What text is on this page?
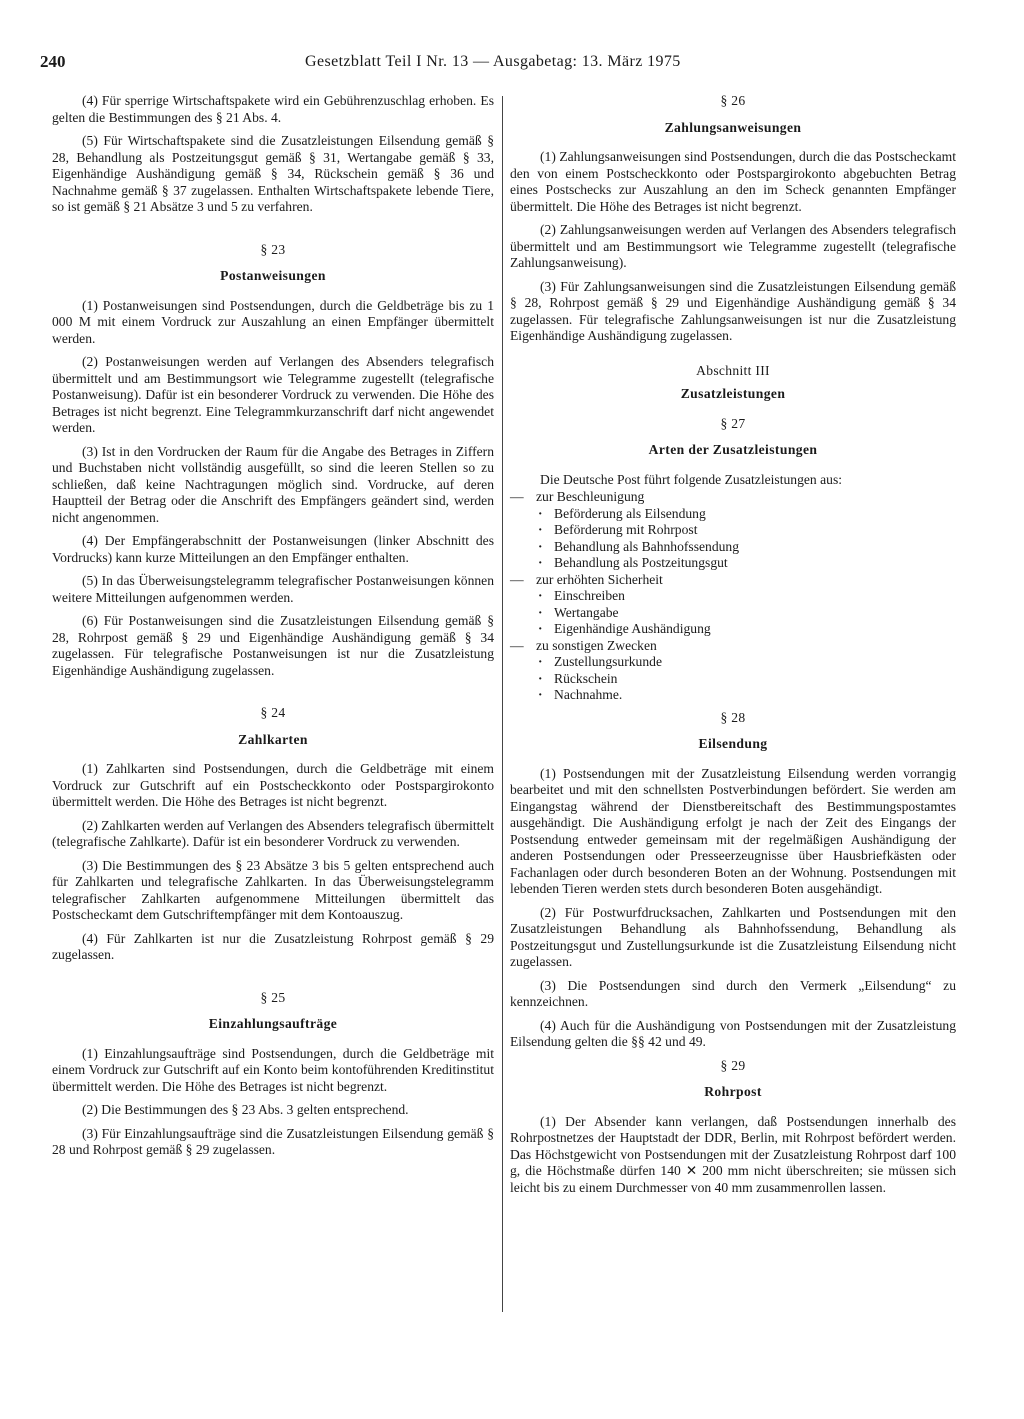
240	Gesetzblatt Teil I Nr. 13 — Ausgabetag: 13. März 1975

(4) Für sperrige Wirtschaftspakete wird ein Gebührenzuschlag erhoben. Es gelten die Bestimmungen des § 21 Abs. 4.

(5) Für Wirtschaftspakete sind die Zusatzleistungen Eilsendung gemäß § 28, Behandlung als Postzeitungsgut gemäß § 31, Wertangabe gemäß § 33, Eigenhändige Aushändigung gemäß § 34, Rückschein gemäß § 36 und Nachnahme gemäß § 37 zugelassen. Enthalten Wirtschaftspakete lebende Tiere, so ist gemäß § 21 Absätze 3 und 5 zu verfahren.

§ 23
Postanweisungen

(1) Postanweisungen sind Postsendungen, durch die Geldbeträge bis zu 1 000 M mit einem Vordruck zur Auszahlung an einen Empfänger übermittelt werden.

(2) Postanweisungen werden auf Verlangen des Absenders telegrafisch übermittelt und am Bestimmungsort wie Telegramme zugestellt (telegrafische Postanweisung). Dafür ist ein besonderer Vordruck zu verwenden. Die Höhe des Betrages ist nicht begrenzt. Eine Telegrammkurzanschrift darf nicht angewendet werden.

(3) Ist in den Vordrucken der Raum für die Angabe des Betrages in Ziffern und Buchstaben nicht vollständig ausgefüllt, so sind die leeren Stellen so zu schließen, daß keine Nachtragungen möglich sind. Vordrucke, auf deren Hauptteil der Betrag oder die Anschrift des Empfängers geändert sind, werden nicht angenommen.

(4) Der Empfängerabschnitt der Postanweisungen (linker Abschnitt des Vordrucks) kann kurze Mitteilungen an den Empfänger enthalten.

(5) In das Überweisungstelegramm telegrafischer Postanweisungen können weitere Mitteilungen aufgenommen werden.

(6) Für Postanweisungen sind die Zusatzleistungen Eilsendung gemäß § 28, Rohrpost gemäß § 29 und Eigenhändige Aushändigung gemäß § 34 zugelassen. Für telegrafische Postanweisungen ist nur die Zusatzleistung Eigenhändige Aushändigung zugelassen.

§ 24
Zahlkarten

(1) Zahlkarten sind Postsendungen, durch die Geldbeträge mit einem Vordruck zur Gutschrift auf ein Postscheckkonto oder Postspargirokonto übermittelt werden. Die Höhe des Betrages ist nicht begrenzt.

(2) Zahlkarten werden auf Verlangen des Absenders telegrafisch übermittelt (telegrafische Zahlkarte). Dafür ist ein besonderer Vordruck zu verwenden.

(3) Die Bestimmungen des § 23 Absätze 3 bis 5 gelten entsprechend auch für Zahlkarten und telegrafische Zahlkarten. In das Überweisungstelegramm telegrafischer Zahlkarten aufgenommene Mitteilungen übermittelt das Postscheckamt dem Gutschriftempfänger mit dem Kontoauszug.

(4) Für Zahlkarten ist nur die Zusatzleistung Rohrpost gemäß § 29 zugelassen.

§ 25
Einzahlungsaufträge

(1) Einzahlungsaufträge sind Postsendungen, durch die Geldbeträge mit einem Vordruck zur Gutschrift auf ein Konto beim kontoführenden Kreditinstitut übermittelt werden. Die Höhe des Betrages ist nicht begrenzt.

(2) Die Bestimmungen des § 23 Abs. 3 gelten entsprechend.

(3) Für Einzahlungsaufträge sind die Zusatzleistungen Eilsendung gemäß § 28 und Rohrpost gemäß § 29 zugelassen.

§ 26
Zahlungsanweisungen

(1) Zahlungsanweisungen sind Postsendungen, durch die das Postscheckamt den von einem Postscheckkonto oder Postspargirokonto abgebuchten Betrag eines Postschecks zur Auszahlung an den im Scheck genannten Empfänger übermittelt. Die Höhe des Betrages ist nicht begrenzt.

(2) Zahlungsanweisungen werden auf Verlangen des Absenders telegrafisch übermittelt und am Bestimmungsort wie Telegramme zugestellt (telegrafische Zahlungsanweisung).

(3) Für Zahlungsanweisungen sind die Zusatzleistungen Eilsendung gemäß § 28, Rohrpost gemäß § 29 und Eigenhändige Aushändigung gemäß § 34 zugelassen. Für telegrafische Zahlungsanweisungen ist nur die Zusatzleistung Eigenhändige Aushändigung zugelassen.

Abschnitt III
Zusatzleistungen
§ 27
Arten der Zusatzleistungen

Die Deutsche Post führt folgende Zusatzleistungen aus:

— zur Beschleunigung
· Beförderung als Eilsendung
· Beförderung mit Rohrpost
· Behandlung als Bahnhofssendung
· Behandlung als Postzeitungsgut
— zur erhöhten Sicherheit
· Einschreiben
· Wertangabe
· Eigenhändige Aushändigung
— zu sonstigen Zwecken
· Zustellungsurkunde
· Rückschein
· Nachnahme.
§ 28
Eilsendung

(1) Postsendungen mit der Zusatzleistung Eilsendung werden vorrangig bearbeitet und mit den schnellsten Postverbindungen befördert. Sie werden am Eingangstag während der Dienstbereitschaft des Bestimmungspostamtes ausgehändigt. Die Aushändigung erfolgt je nach der Zeit des Eingangs der Postsendung entweder gemeinsam mit der regelmäßigen Aushändigung der anderen Postsendungen oder Presseerzeugnisse über Hausbriefkästen oder Fachanlagen oder durch besonderen Boten an der Wohnung. Postsendungen mit lebenden Tieren werden stets durch besonderen Boten ausgehändigt.

(2) Für Postwurfdrucksachen, Zahlkarten und Postsendungen mit den Zusatzleistungen Behandlung als Bahnhofssendung, Behandlung als Postzeitungsgut und Zustellungsurkunde ist die Zusatzleistung Eilsendung nicht zugelassen.

(3) Die Postsendungen sind durch den Vermerk „Eilsendung“ zu kennzeichnen.

(4) Auch für die Aushändigung von Postsendungen mit der Zusatzleistung Eilsendung gelten die §§ 42 und 49.

§ 29
Rohrpost

(1) Der Absender kann verlangen, daß Postsendungen innerhalb des Rohrpostnetzes der Hauptstadt der DDR, Berlin, mit Rohrpost befördert werden. Das Höchstgewicht von Postsendungen mit der Zusatzleistung Rohrpost darf 100 g, die Höchstmaße dürfen 140 ✕ 200 mm nicht überschreiten; sie müssen sich leicht bis zu einem Durchmesser von 40 mm zusammenrollen lassen.
